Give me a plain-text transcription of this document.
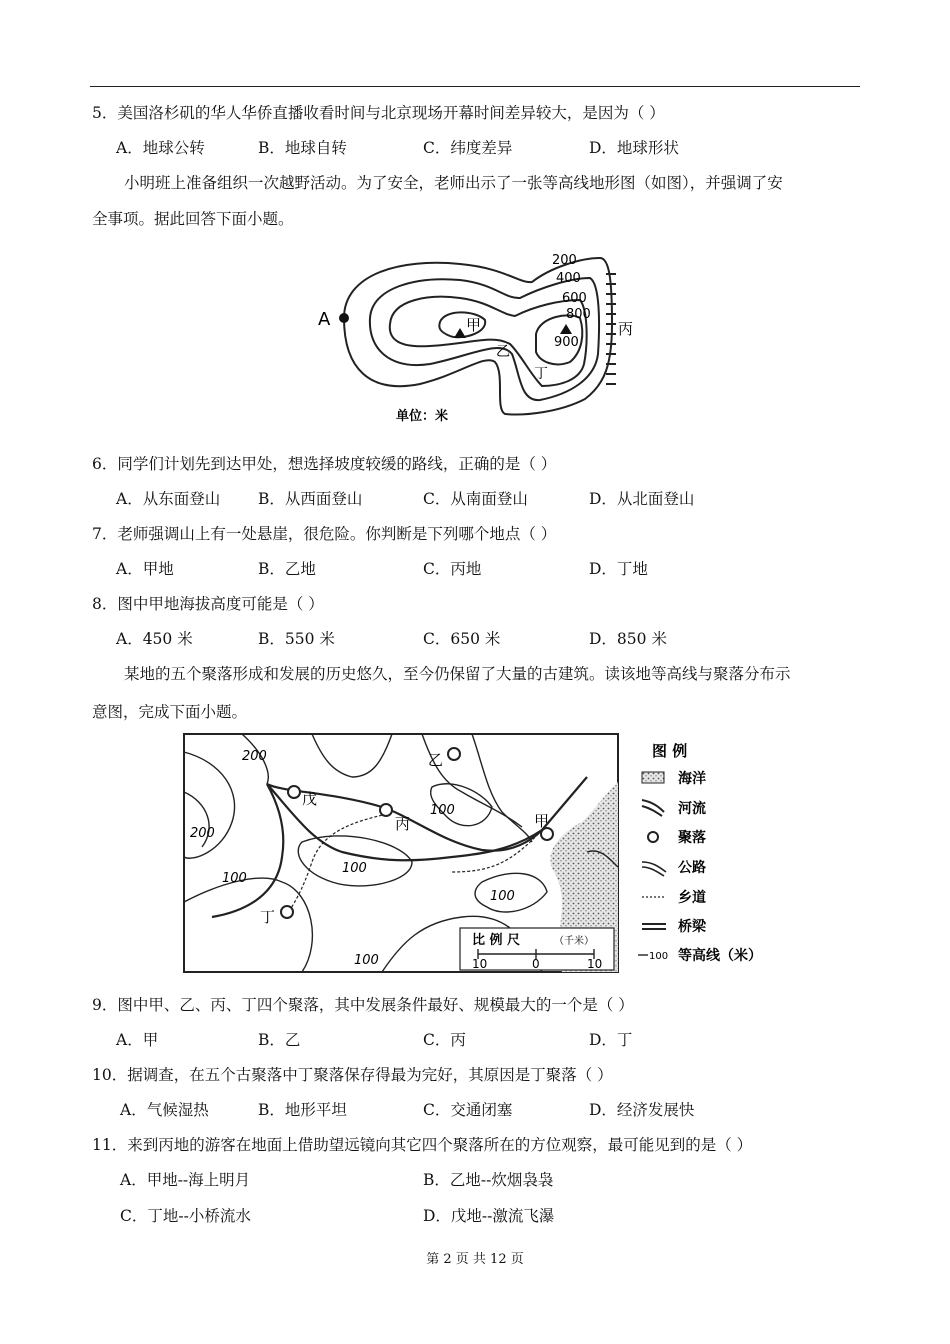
5．美国洛杉矶的华人华侨直播收看时间与北京现场开幕时间差异较大，是因为（ ）
A．地球公转	B．地球自转	C．纬度差异	D．地球形状
小明班上准备组织一次越野活动。为了安全，老师出示了一张等高线地形图（如图），并强调了安
全事项。据此回答下面小题。
A	甲
乙
丙
丁
200
400
600
800
900
单位：米
6．同学们计划先到达甲处，想选择坡度较缓的路线，正确的是（ ）
A．从东面登山 B．从西面登山	C．从南面登山	D．从北面登山
7．老师强调山上有一处悬崖，很危险。你判断是下列哪个地点（ ）
A．甲地	B．乙地	C．丙地	D．丁地
8．图中甲地海拔高度可能是（ ）
A．450 米	B．550 米	C．650 米	D．850 米
某地的五个聚落形成和发展的历史悠久，至今仍保留了大量的古建筑。读该地等高线与聚落分布示
意图，完成下面小题。
戊
丙
乙
甲
丁
200
200
100
100
100
100
100
比 例 尺	（千米）
10	0	10
图 例
海洋
河流
聚落
公路
乡道
桥梁
100 等高线（米）
9．图中甲、乙、丙、丁四个聚落，其中发展条件最好、规模最大的一个是（ ）
A．甲	B．乙	C．丙	D．丁
10．据调查，在五个古聚落中丁聚落保存得最为完好，其原因是丁聚落（ ）
A．气候湿热	B．地形平坦	C．交通闭塞	D．经济发展快
11．来到丙地的游客在地面上借助望远镜向其它四个聚落所在的方位观察，最可能见到的是（ ）
A．甲地--海上明月	B．乙地--炊烟袅袅
C．丁地--小桥流水	D．戊地--激流飞瀑
第 2 页 共 12 页
